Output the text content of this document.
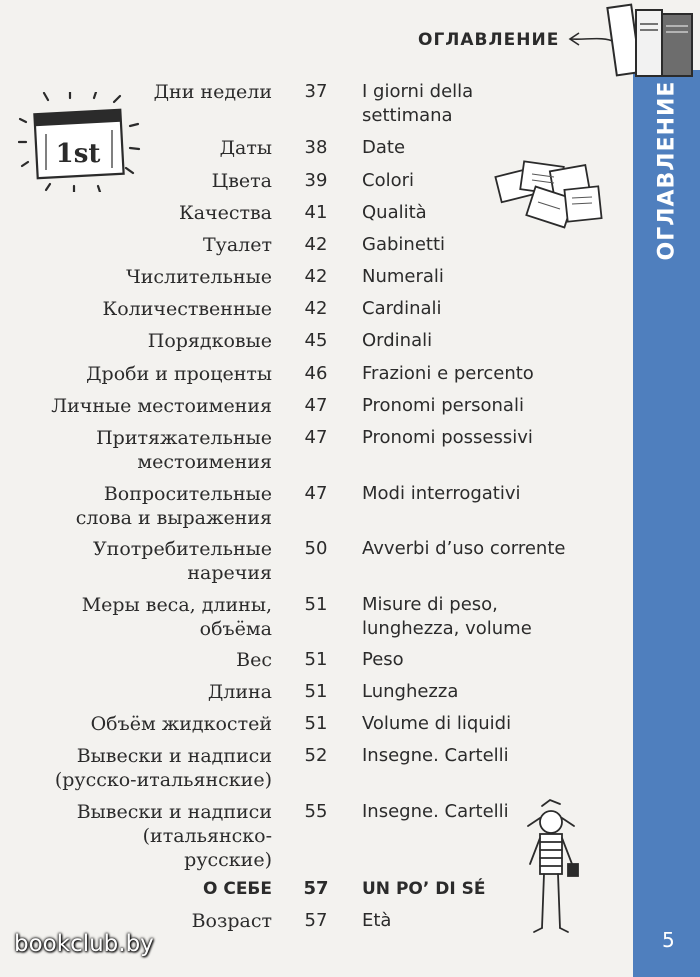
ОГЛАВЛЕНИЕ
ОГЛАВЛЕНИЕ
1st
Дни недели 37 I giorni della
settimana
Даты 38 Date
Цвета 39 Colori
Качества 41 Qualità
Туалет 42 Gabinetti
Числительные 42 Numerali
Количественные 42 Cardinali
Порядковые 45 Ordinali
Дроби и проценты 46 Frazioni e percento
Личные местоимения 47 Pronomi personali
Притяжательные
местоимения
47 Pronomi possessivi
Вопросительные
слова и выражения
47 Modi interrogativi
Употребительные
наречия
50 Avverbi d’uso corrente
Меры веса, длины,
объёма
51 Misure di peso,
lunghezza, volume
Вес 51 Peso
Длина 51 Lunghezza
Объём жидкостей 51 Volume di liquidi
Вывески и надписи
(русско-итальянские)
52 Insegne. Cartelli
Вывески и надписи
(итальянско-
русские)
55 Insegne. Cartelli
О СЕБЕ 57 UN PO’ DI SÉ
Возраст 57 Età
bookclub.by	5
